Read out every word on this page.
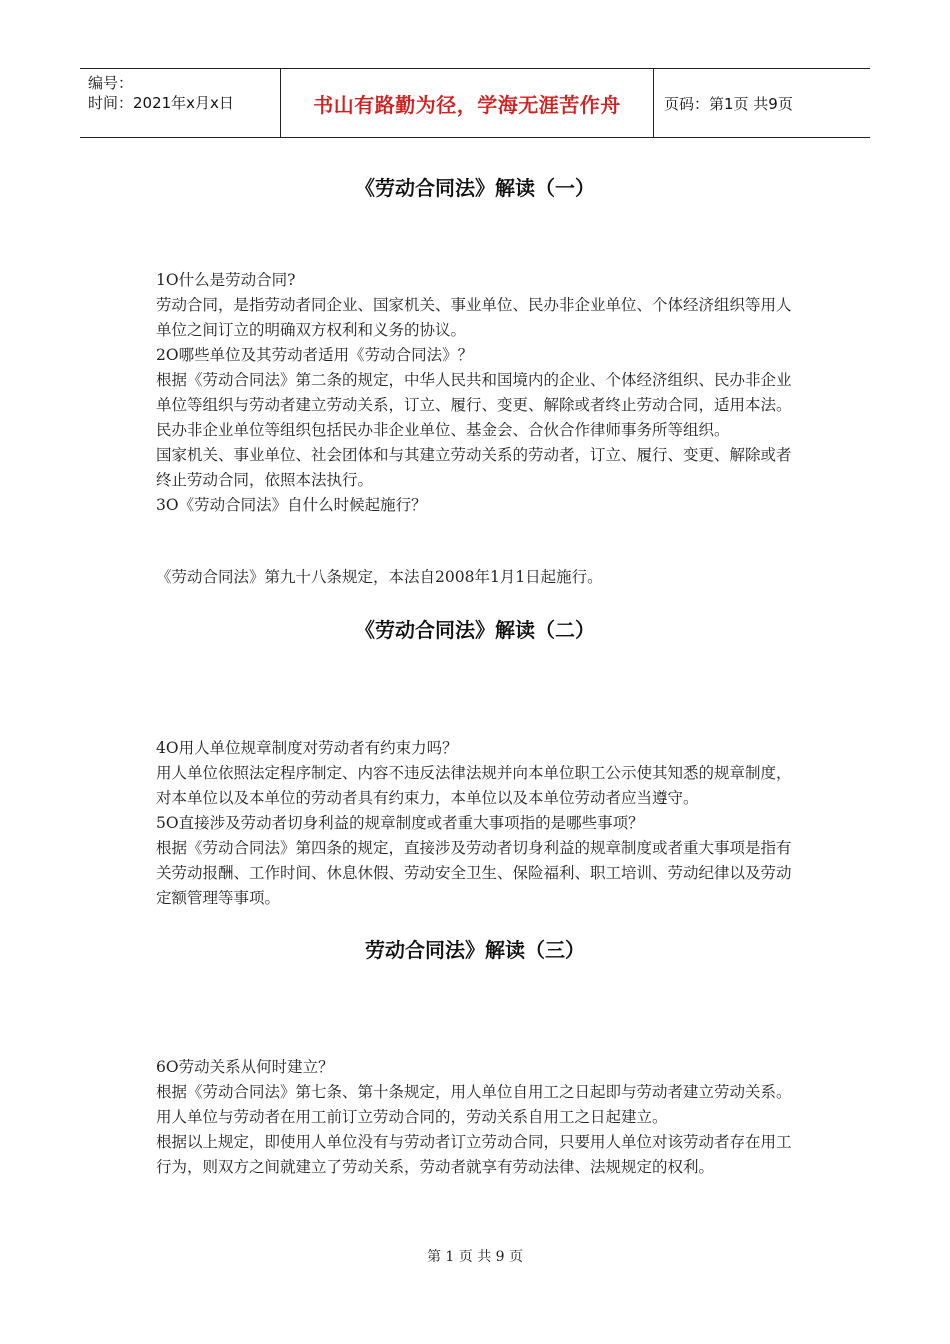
编号：
时间：2021年x月x日	书山有路勤为径，学海无涯苦作舟	页码：第1页 共9页
《劳动合同法》解读（一）

1O什么是劳动合同?

劳动合同，是指劳动者同企业、国家机关、事业单位、民办非企业单位、个体经济组织等用人单位之间订立的明确双方权利和义务的协议。

2O哪些单位及其劳动者适用《劳动合同法》？

根据《劳动合同法》第二条的规定，中华人民共和国境内的企业、个体经济组织、民办非企业单位等组织与劳动者建立劳动关系，订立、履行、变更、解除或者终止劳动合同，适用本法。民办非企业单位等组织包括民办非企业单位、基金会、合伙合作律师事务所等组织。

国家机关、事业单位、社会团体和与其建立劳动关系的劳动者，订立、履行、变更、解除或者终止劳动合同，依照本法执行。

3O《劳动合同法》自什么时候起施行？

《劳动合同法》第九十八条规定，本法自2008年1月1日起施行。

《劳动合同法》解读（二）

4O用人单位规章制度对劳动者有约束力吗？

用人单位依照法定程序制定、内容不违反法律法规并向本单位职工公示使其知悉的规章制度，对本单位以及本单位的劳动者具有约束力，本单位以及本单位劳动者应当遵守。

5O直接涉及劳动者切身利益的规章制度或者重大事项指的是哪些事项？

根据《劳动合同法》第四条的规定，直接涉及劳动者切身利益的规章制度或者重大事项是指有关劳动报酬、工作时间、休息休假、劳动安全卫生、保险福利、职工培训、劳动纪律以及劳动定额管理等事项。

劳动合同法》解读（三）

6O劳动关系从何时建立？

根据《劳动合同法》第七条、第十条规定，用人单位自用工之日起即与劳动者建立劳动关系。用人单位与劳动者在用工前订立劳动合同的，劳动关系自用工之日起建立。

根据以上规定，即使用人单位没有与劳动者订立劳动合同，只要用人单位对该劳动者存在用工行为，则双方之间就建立了劳动关系，劳动者就享有劳动法律、法规规定的权利。

第 1 页 共 9 页
